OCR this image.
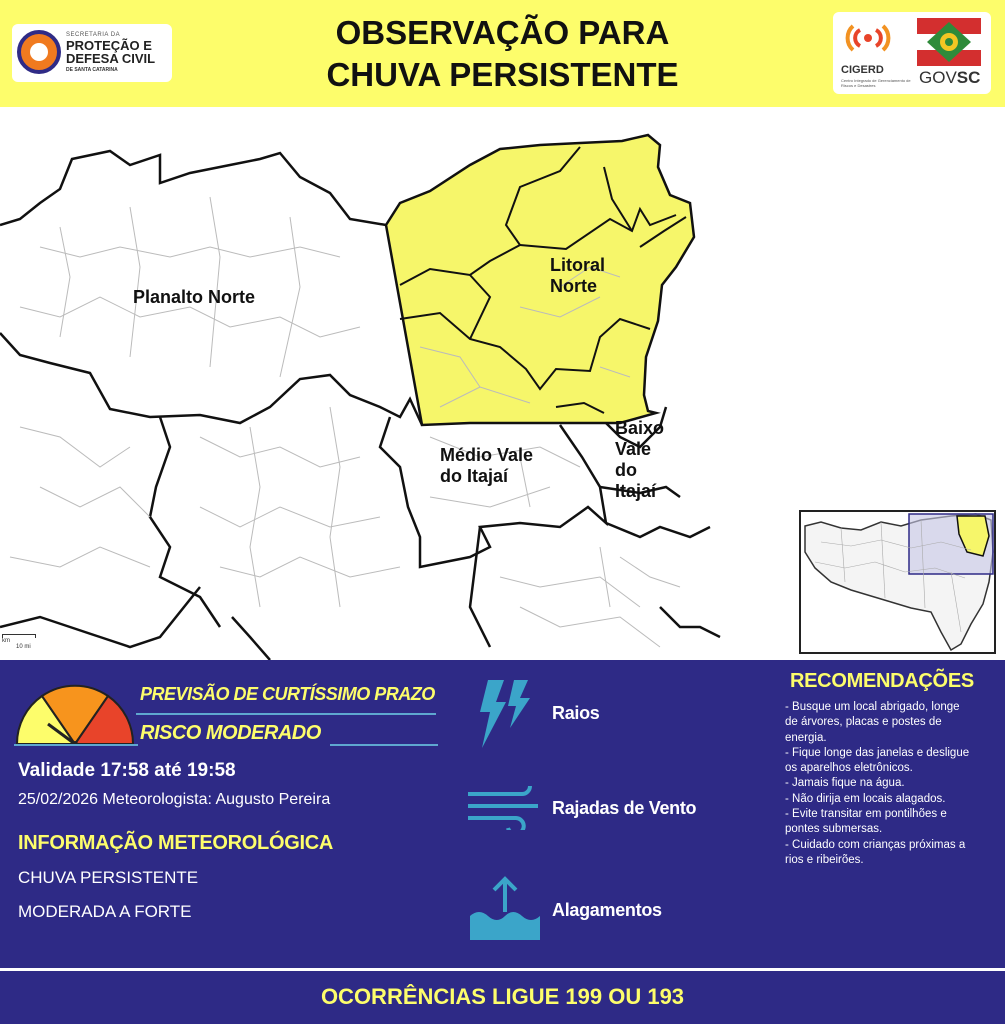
SECRETARIA DA
PROTEÇÃO E
DEFESA CIVIL
DE SANTA CATARINA
OBSERVAÇÃO PARA
CHUVA PERSISTENTE	CIGERD
Centro Integrado de Gerenciamento de Riscos e Desastres	GOVSC
Planalto Norte
Litoral
Norte
Médio Vale
do Itajaí
Baixo
Vale
do
Itajaí
km
10 mi
PREVISÃO DE CURTÍSSIMO PRAZO
RISCO MODERADO
Validade 17:58 até 19:58
25/02/2026 Meteorologista: Augusto Pereira
INFORMAÇÃO METEOROLÓGICA
CHUVA PERSISTENTE
MODERADA A FORTE
Raios
Rajadas de Vento
Alagamentos
RECOMENDAÇÕES
- Busque um local abrigado, longe
de árvores, placas e postes de
energia.
- Fique longe das janelas e desligue
os aparelhos eletrônicos.
- Jamais fique na água.
- Não dirija em locais alagados.
- Evite transitar em pontilhões e
pontes submersas.
- Cuidado com crianças próximas a
rios e ribeirões.
OCORRÊNCIAS LIGUE 199 OU 193
